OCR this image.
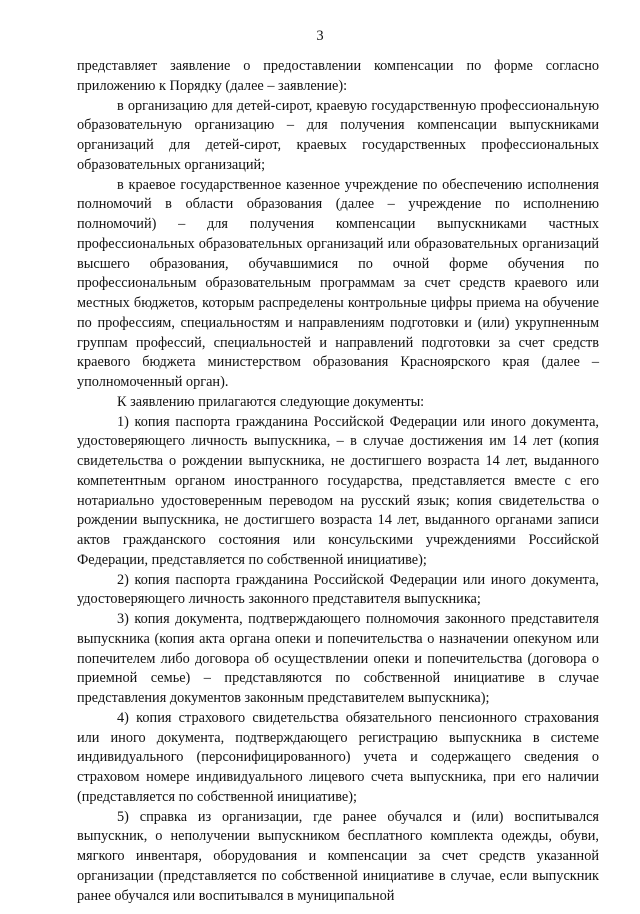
3

представляет заявление о предоставлении компенсации по форме согласно приложению к Порядку (далее – заявление):

в организацию для детей-сирот, краевую государственную профессиональную образовательную организацию – для получения компенсации выпускниками организаций для детей-сирот, краевых государственных профессиональных образовательных организаций;

в краевое государственное казенное учреждение по обеспечению исполнения полномочий в области образования (далее – учреждение по исполнению полномочий) – для получения компенсации выпускниками частных профессиональных образовательных организаций или образовательных организаций высшего образования, обучавшимися по очной форме обучения по профессиональным образовательным программам за счет средств краевого или местных бюджетов, которым распределены контрольные цифры приема на обучение по профессиям, специальностям и направлениям подготовки и (или) укрупненным группам профессий, специальностей и направлений подготовки за счет средств краевого бюджета министерством образования Красноярского края (далее – уполномоченный орган).

К заявлению прилагаются следующие документы:

1) копия паспорта гражданина Российской Федерации или иного документа, удостоверяющего личность выпускника, – в случае достижения им 14 лет (копия свидетельства о рождении выпускника, не достигшего возраста 14 лет, выданного компетентным органом иностранного государства, представляется вместе с его нотариально удостоверенным переводом на русский язык; копия свидетельства о рождении выпускника, не достигшего возраста 14 лет, выданного органами записи актов гражданского состояния или консульскими учреждениями Российской Федерации, представляется по собственной инициативе);

2) копия паспорта гражданина Российской Федерации или иного документа, удостоверяющего личность законного представителя выпускника;

3) копия документа, подтверждающего полномочия законного представителя выпускника (копия акта органа опеки и попечительства о назначении опекуном или попечителем либо договора об осуществлении опеки и попечительства (договора о приемной семье) – представляются по собственной инициативе в случае представления документов законным представителем выпускника);

4) копия страхового свидетельства обязательного пенсионного страхования или иного документа, подтверждающего регистрацию выпускника в системе индивидуального (персонифицированного) учета и содержащего сведения о страховом номере индивидуального лицевого счета выпускника, при его наличии (представляется по собственной инициативе);

5) справка из организации, где ранее обучался и (или) воспитывался выпускник, о неполучении выпускником бесплатного комплекта одежды, обуви, мягкого инвентаря, оборудования и компенсации за счет средств указанной организации (представляется по собственной инициативе в случае, если выпускник ранее обучался или воспитывался в муниципальной
